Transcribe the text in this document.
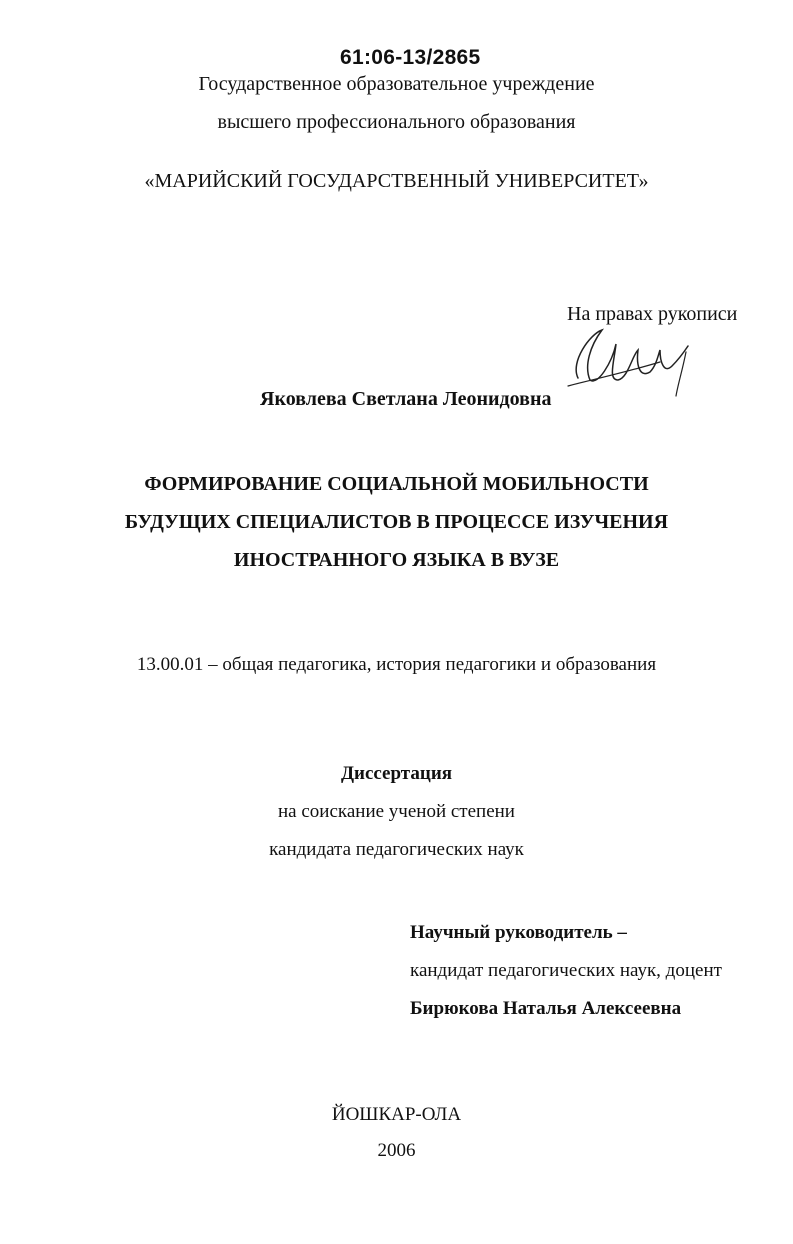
61:06-13/2865
Государственное образовательное учреждение
высшего профессионального образования
«МАРИЙСКИЙ ГОСУДАРСТВЕННЫЙ УНИВЕРСИТЕТ»
На правах рукописи
Яковлева Светлана Леонидовна
ФОРМИРОВАНИЕ СОЦИАЛЬНОЙ МОБИЛЬНОСТИ
БУДУЩИХ СПЕЦИАЛИСТОВ В ПРОЦЕССЕ ИЗУЧЕНИЯ
ИНОСТРАННОГО ЯЗЫКА В ВУЗЕ
13.00.01 – общая педагогика, история педагогики и образования
Диссертация
на соискание ученой степени
кандидата педагогических наук
Научный руководитель –
кандидат педагогических наук, доцент
Бирюкова Наталья Алексеевна
ЙОШКАР-ОЛА
2006
